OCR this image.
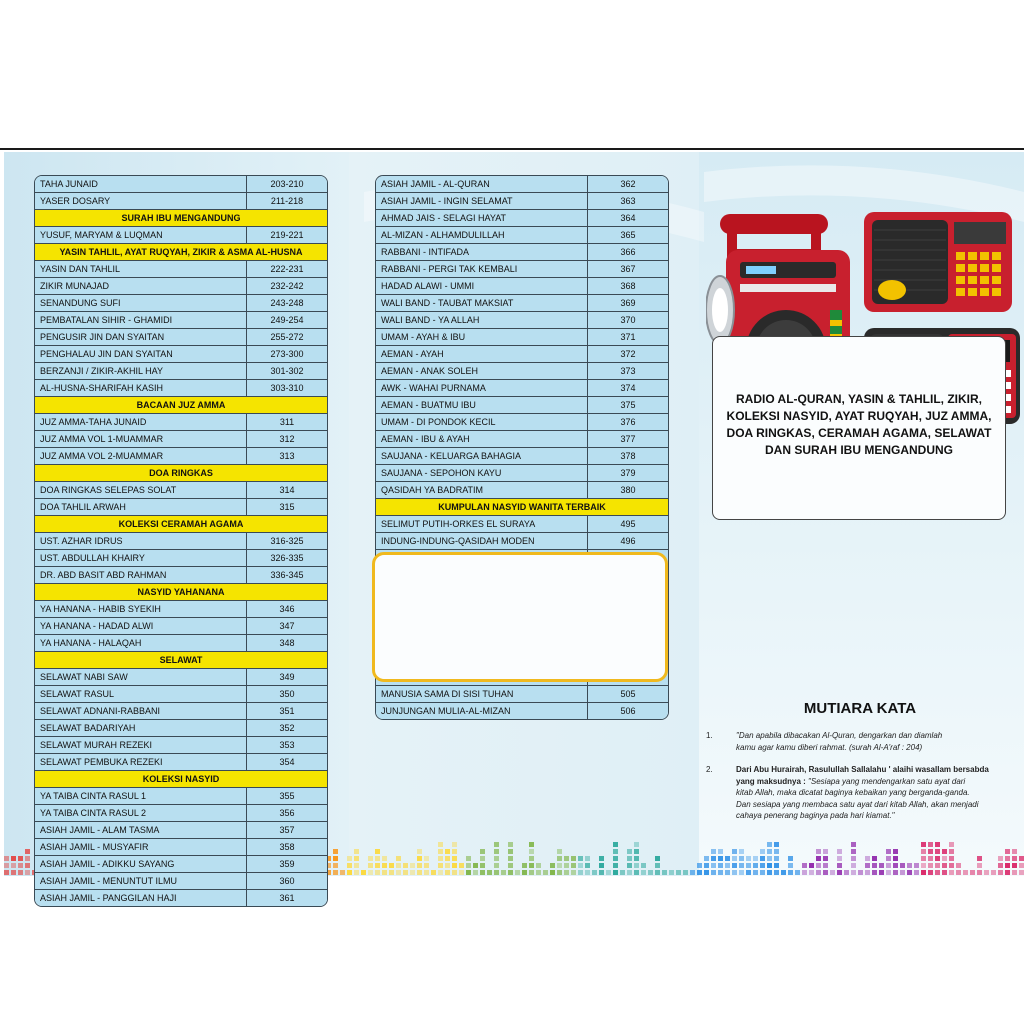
TAHA JUNAID	203-210
YASER DOSARY	211-218
SURAH IBU MENGANDUNG
YUSUF, MARYAM & LUQMAN	219-221
YASIN TAHLIL, AYAT RUQYAH, ZIKIR & ASMA AL-HUSNA
YASIN DAN TAHLIL	222-231
ZIKIR MUNAJAD	232-242
SENANDUNG SUFI	243-248
PEMBATALAN SIHIR - GHAMIDI	249-254
PENGUSIR JIN DAN SYAITAN	255-272
PENGHALAU JIN DAN SYAITAN	273-300
BERZANJI / ZIKIR-AKHIL HAY	301-302
AL-HUSNA-SHARIFAH KASIH	303-310
BACAAN JUZ AMMA
JUZ AMMA-TAHA JUNAID	311
JUZ AMMA VOL 1-MUAMMAR	312
JUZ AMMA VOL 2-MUAMMAR	313
DOA RINGKAS
DOA RINGKAS SELEPAS SOLAT	314
DOA TAHLIL ARWAH	315
KOLEKSI CERAMAH AGAMA
UST. AZHAR IDRUS	316-325
UST. ABDULLAH KHAIRY	326-335
DR. ABD BASIT ABD RAHMAN	336-345
NASYID YAHANANA
YA HANANA - HABIB SYEKIH	346
YA HANANA - HADAD ALWI	347
YA HANANA - HALAQAH	348
SELAWAT
SELAWAT NABI SAW	349
SELAWAT RASUL	350
SELAWAT ADNANI-RABBANI	351
SELAWAT BADARIYAH	352
SELAWAT MURAH REZEKI	353
SELAWAT PEMBUKA REZEKI	354
KOLEKSI NASYID
YA TAIBA CINTA RASUL 1	355
YA TAIBA CINTA RASUL 2	356
ASIAH JAMIL - ALAM TASMA	357
ASIAH JAMIL - MUSYAFIR	358
ASIAH JAMIL - ADIKKU SAYANG	359
ASIAH JAMIL - MENUNTUT ILMU	360
ASIAH JAMIL - PANGGILAN HAJI	361
ASIAH JAMIL - AL-QURAN	362
ASIAH JAMIL - INGIN SELAMAT	363
AHMAD JAIS - SELAGI HAYAT	364
AL-MIZAN - ALHAMDULILLAH	365
RABBANI - INTIFADA	366
RABBANI - PERGI TAK KEMBALI	367
HADAD ALAWI - UMMI	368
WALI BAND - TAUBAT MAKSIAT	369
WALI BAND - YA ALLAH	370
UMAM - AYAH & IBU	371
AEMAN - AYAH	372
AEMAN - ANAK SOLEH	373
AWK - WAHAI PURNAMA	374
AEMAN - BUATMU IBU	375
UMAM - DI PONDOK KECIL	376
AEMAN - IBU & AYAH	377
SAUJANA - KELUARGA BAHAGIA	378
SAUJANA - SEPOHON KAYU	379
QASIDAH YA BADRATIM	380
KUMPULAN NASYID WANITA TERBAIK
SELIMUT PUTIH-ORKES EL SURAYA	495
INDUNG-INDUNG-QASIDAH MODEN	496
MANUSIA SAMA DI SISI TUHAN	505
JUNJUNGAN MULIA-AL-MIZAN	506
RADIO AL-QURAN, YASIN & TAHLIL, ZIKIR,
KOLEKSI NASYID, AYAT RUQYAH, JUZ AMMA,
DOA RINGKAS, CERAMAH AGAMA, SELAWAT
DAN SURAH IBU MENGANDUNG
MUTIARA KATA
1.	"Dan apabila dibacakan Al-Quran, dengarkan dan diamlah
kamu agar kamu diberi rahmat. (surah Al-A'raf : 204)
2.	Dari Abu Hurairah, Rasulullah Sallalahu ' alaihi wasallam bersabda
yang maksudnya : "Sesiapa yang mendengarkan satu ayat dari
kitab Allah, maka dicatat baginya kebaikan yang berganda-ganda.
Dan sesiapa yang membaca satu ayat dari kitab Allah, akan menjadi
cahaya penerang baginya pada hari kiamat."
